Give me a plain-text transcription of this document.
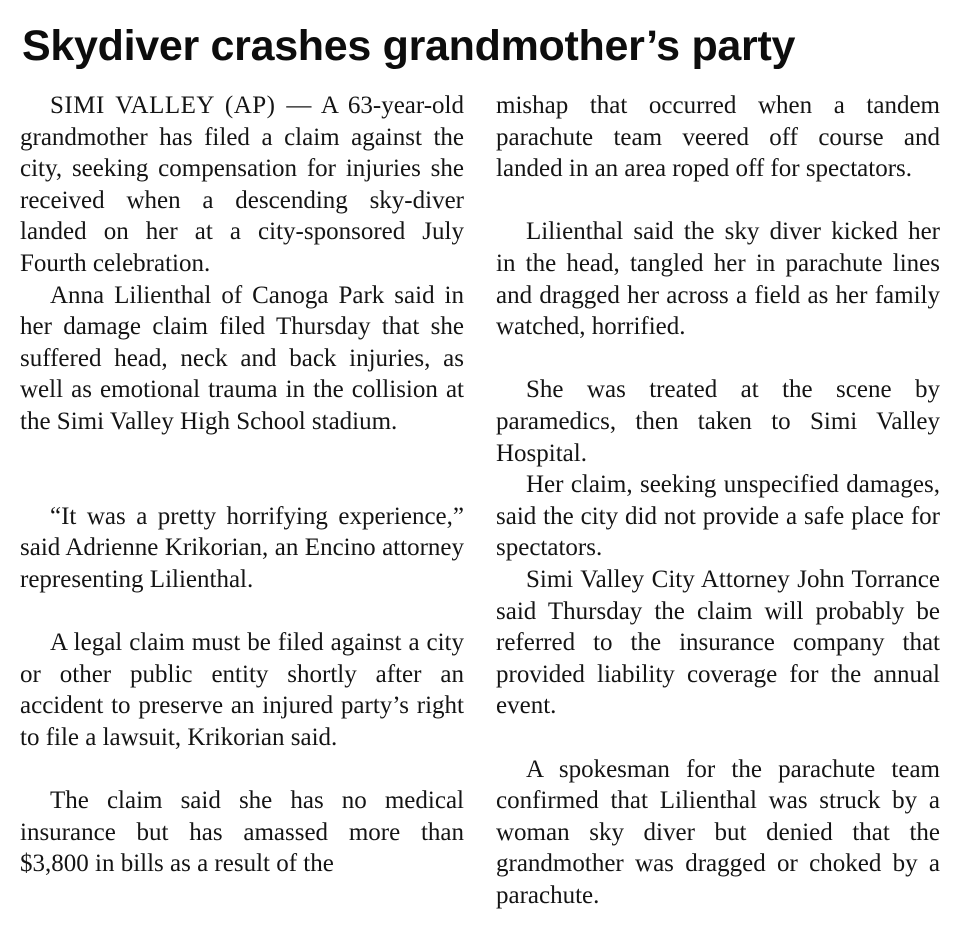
Skydiver crashes grandmother’s party

SIMI VALLEY (AP) — A 63-year-old grandmother has filed a claim against the city, seeking compensation for injuries she received when a descending sky-diver landed on her at a city-sponsored July Fourth celebration.

Anna Lilienthal of Canoga Park said in her damage claim filed Thursday that she suffered head, neck and back injuries, as well as emotional trauma in the collision at the Simi Valley High School stadium.

“It was a pretty horrifying experience,” said Adrienne Krikorian, an Encino attorney representing Lilienthal.

A legal claim must be filed against a city or other public entity shortly after an accident to preserve an injured party’s right to file a lawsuit, Krikorian said.

The claim said she has no medical insurance but has amassed more than $3,800 in bills as a result of the

mishap that occurred when a tandem parachute team veered off course and landed in an area roped off for spectators.

Lilienthal said the sky diver kicked her in the head, tangled her in parachute lines and dragged her across a field as her family watched, horrified.

She was treated at the scene by paramedics, then taken to Simi Valley Hospital.

Her claim, seeking unspecified damages, said the city did not provide a safe place for spectators.

Simi Valley City Attorney John Torrance said Thursday the claim will probably be referred to the insurance company that provided liability coverage for the annual event.

A spokesman for the parachute team confirmed that Lilienthal was struck by a woman sky diver but denied that the grandmother was dragged or choked by a parachute.
